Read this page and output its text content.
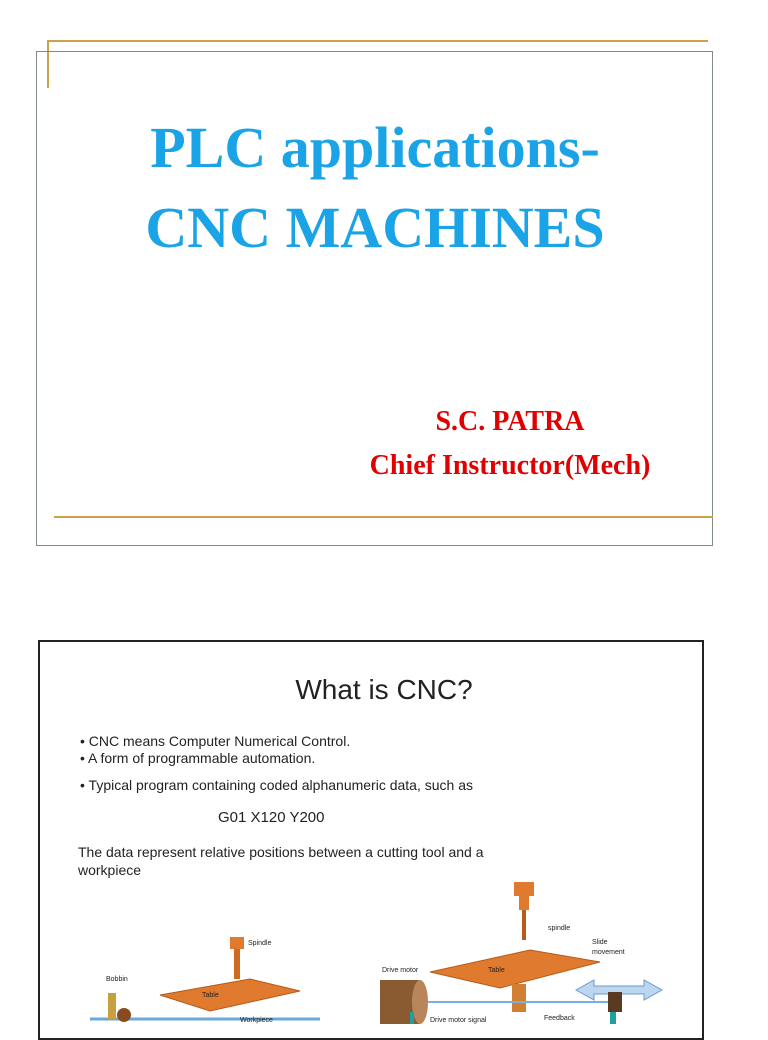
PLC applications-
CNC MACHINES
S.C. PATRA
Chief Instructor(Mech)
What is CNC?
• CNC means Computer Numerical Control.
• A form of programmable automation.
• Typical program containing coded alphanumeric data, such as
G01 X120 Y200
The data represent relative positions between a cutting tool and a
workpiece
Spindle
Table
Bobbin
Workpiece
spindle
Table
Drive motor
Slide
movement
Drive motor signal	Feedback
